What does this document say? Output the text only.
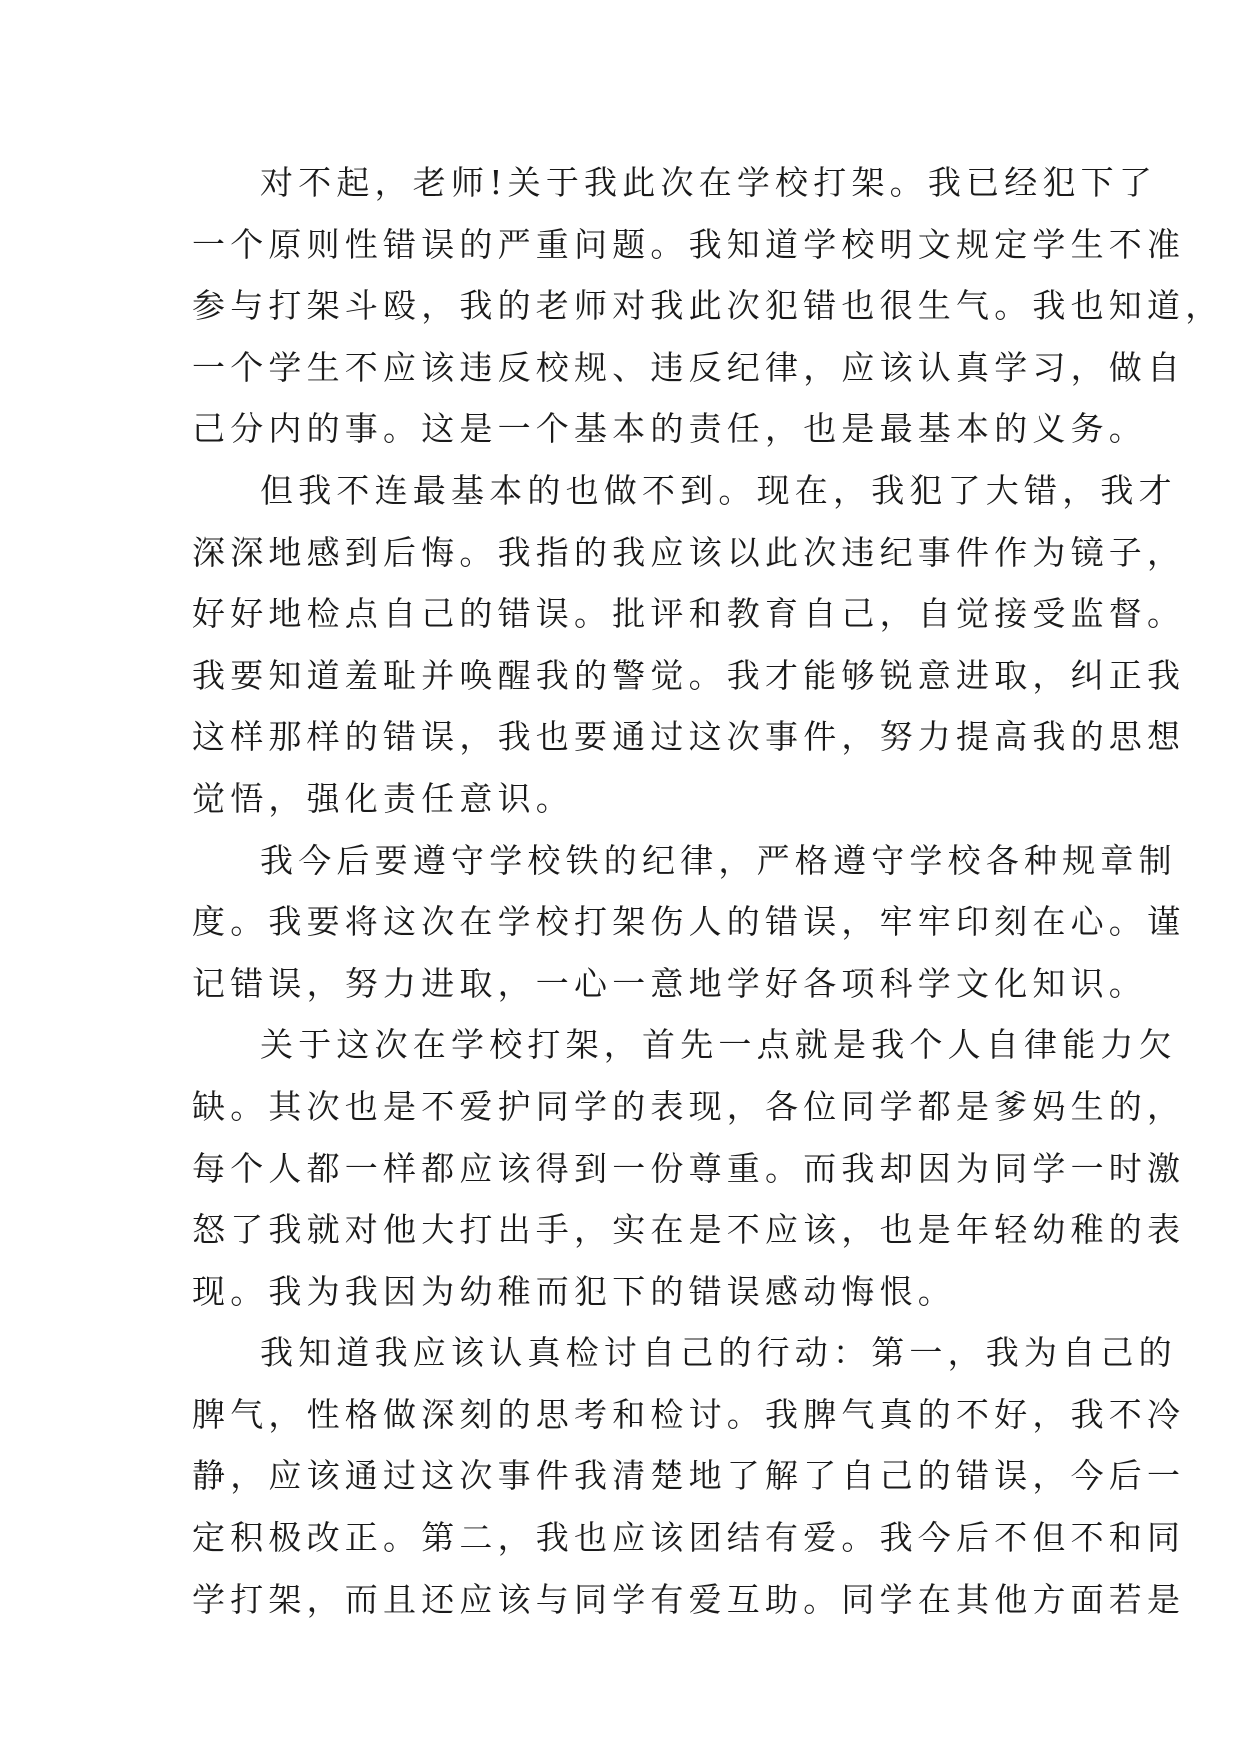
对不起，老师!关于我此次在学校打架。我已经犯下了
一个原则性错误的严重问题。我知道学校明文规定学生不准
参与打架斗殴，我的老师对我此次犯错也很生气。我也知道，
一个学生不应该违反校规、违反纪律，应该认真学习，做自
己分内的事。这是一个基本的责任，也是最基本的义务。

但我不连最基本的也做不到。现在，我犯了大错，我才
深深地感到后悔。我指的我应该以此次违纪事件作为镜子，
好好地检点自己的错误。批评和教育自己，自觉接受监督。
我要知道羞耻并唤醒我的警觉。我才能够锐意进取，纠正我
这样那样的错误，我也要通过这次事件，努力提高我的思想
觉悟，强化责任意识。

我今后要遵守学校铁的纪律，严格遵守学校各种规章制
度。我要将这次在学校打架伤人的错误，牢牢印刻在心。谨
记错误，努力进取，一心一意地学好各项科学文化知识。

关于这次在学校打架，首先一点就是我个人自律能力欠
缺。其次也是不爱护同学的表现，各位同学都是爹妈生的，
每个人都一样都应该得到一份尊重。而我却因为同学一时激
怒了我就对他大打出手，实在是不应该，也是年轻幼稚的表
现。我为我因为幼稚而犯下的错误感动悔恨。

我知道我应该认真检讨自己的行动：第一，我为自己的
脾气，性格做深刻的思考和检讨。我脾气真的不好，我不冷
静，应该通过这次事件我清楚地了解了自己的错误，今后一
定积极改正。第二，我也应该团结有爱。我今后不但不和同
学打架，而且还应该与同学有爱互助。同学在其他方面若是
